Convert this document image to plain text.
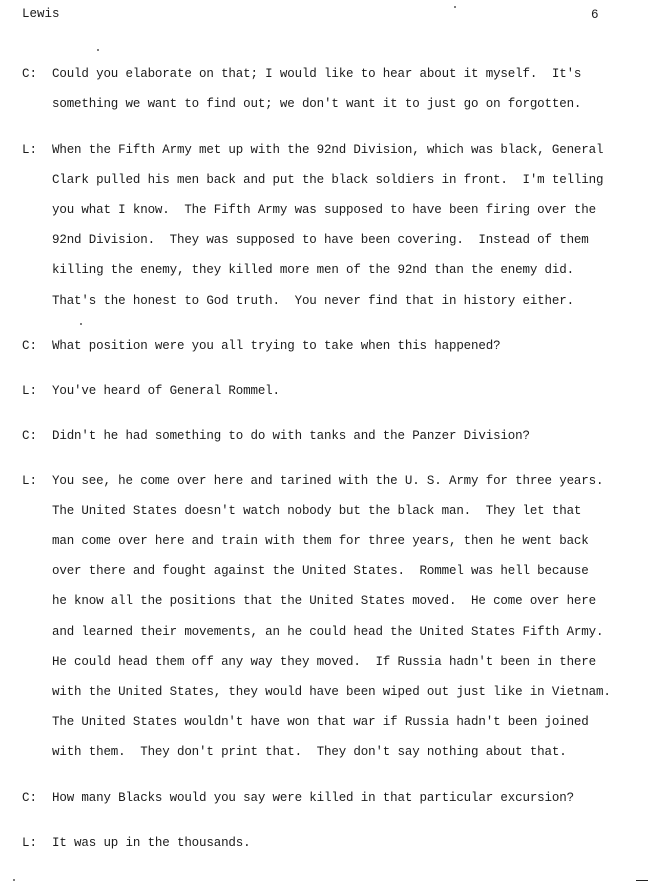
Lewis	6
C: Could you elaborate on that; I would like to hear about it myself.  It's
something we want to find out; we don't want it to just go on forgotten.
L: When the Fifth Army met up with the 92nd Division, which was black, General
Clark pulled his men back and put the black soldiers in front.  I'm telling
you what I know.  The Fifth Army was supposed to have been firing over the
92nd Division.  They was supposed to have been covering.  Instead of them
killing the enemy, they killed more men of the 92nd than the enemy did.
That's the honest to God truth.  You never find that in history either.
C: What position were you all trying to take when this happened?
L: You've heard of General Rommel.
C: Didn't he had something to do with tanks and the Panzer Division?
L: You see, he come over here and tarined with the U. S. Army for three years.
The United States doesn't watch nobody but the black man.  They let that
man come over here and train with them for three years, then he went back
over there and fought against the United States.  Rommel was hell because
he know all the positions that the United States moved.  He come over here
and learned their movements, an he could head the United States Fifth Army.
He could head them off any way they moved.  If Russia hadn't been in there
with the United States, they would have been wiped out just like in Vietnam.
The United States wouldn't have won that war if Russia hadn't been joined
with them.  They don't print that.  They don't say nothing about that.
C: How many Blacks would you say were killed in that particular excursion?
L: It was up in the thousands.
